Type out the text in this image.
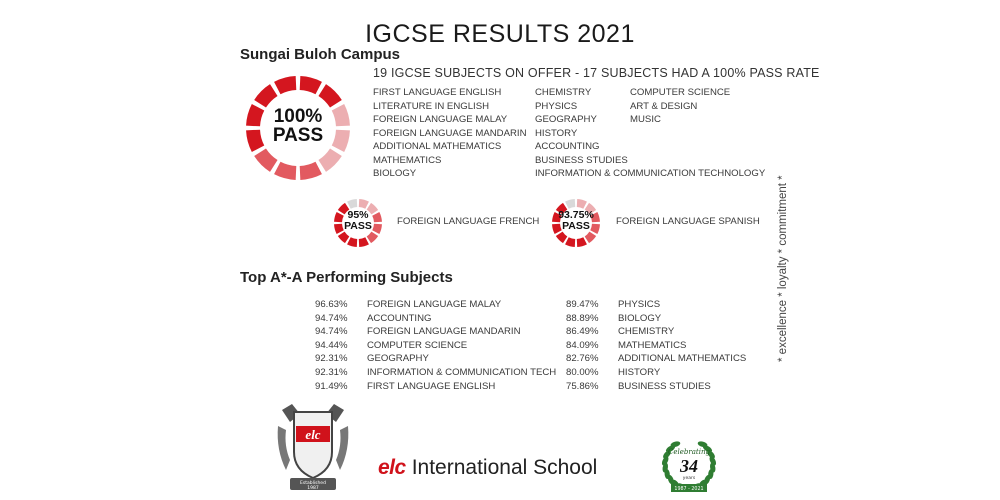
IGCSE RESULTS 2021
Sungai Buloh Campus
100%
PASS
19 IGCSE SUBJECTS ON OFFER - 17 SUBJECTS HAD A 100% PASS RATE
FIRST LANGUAGE ENGLISH
LITERATURE IN ENGLISH
FOREIGN LANGUAGE MALAY
FOREIGN LANGUAGE MANDARIN
ADDITIONAL MATHEMATICS
MATHEMATICS
BIOLOGY
CHEMISTRY
PHYSICS
GEOGRAPHY
HISTORY
ACCOUNTING
BUSINESS STUDIES
INFORMATION & COMMUNICATION TECHNOLOGY
COMPUTER SCIENCE
ART & DESIGN
MUSIC
95%
PASS	FOREIGN LANGUAGE FRENCH
93.75%
PASS	FOREIGN LANGUAGE SPANISH
Top A*-A Performing Subjects
96.63% FOREIGN LANGUAGE MALAY
94.74% ACCOUNTING
94.74% FOREIGN LANGUAGE MANDARIN
94.44% COMPUTER SCIENCE
92.31% GEOGRAPHY
92.31% INFORMATION & COMMUNICATION TECH
91.49% FIRST LANGUAGE ENGLISH
89.47% PHYSICS
88.89% BIOLOGY
86.49% CHEMISTRY
84.09% MATHEMATICS
82.76% ADDITIONAL MATHEMATICS
80.00% HISTORY
75.86% BUSINESS STUDIES
* excellence * loyalty * commitment *
elc
Established
1987
elc International School
Celebrating
34
years
1987 - 2021
